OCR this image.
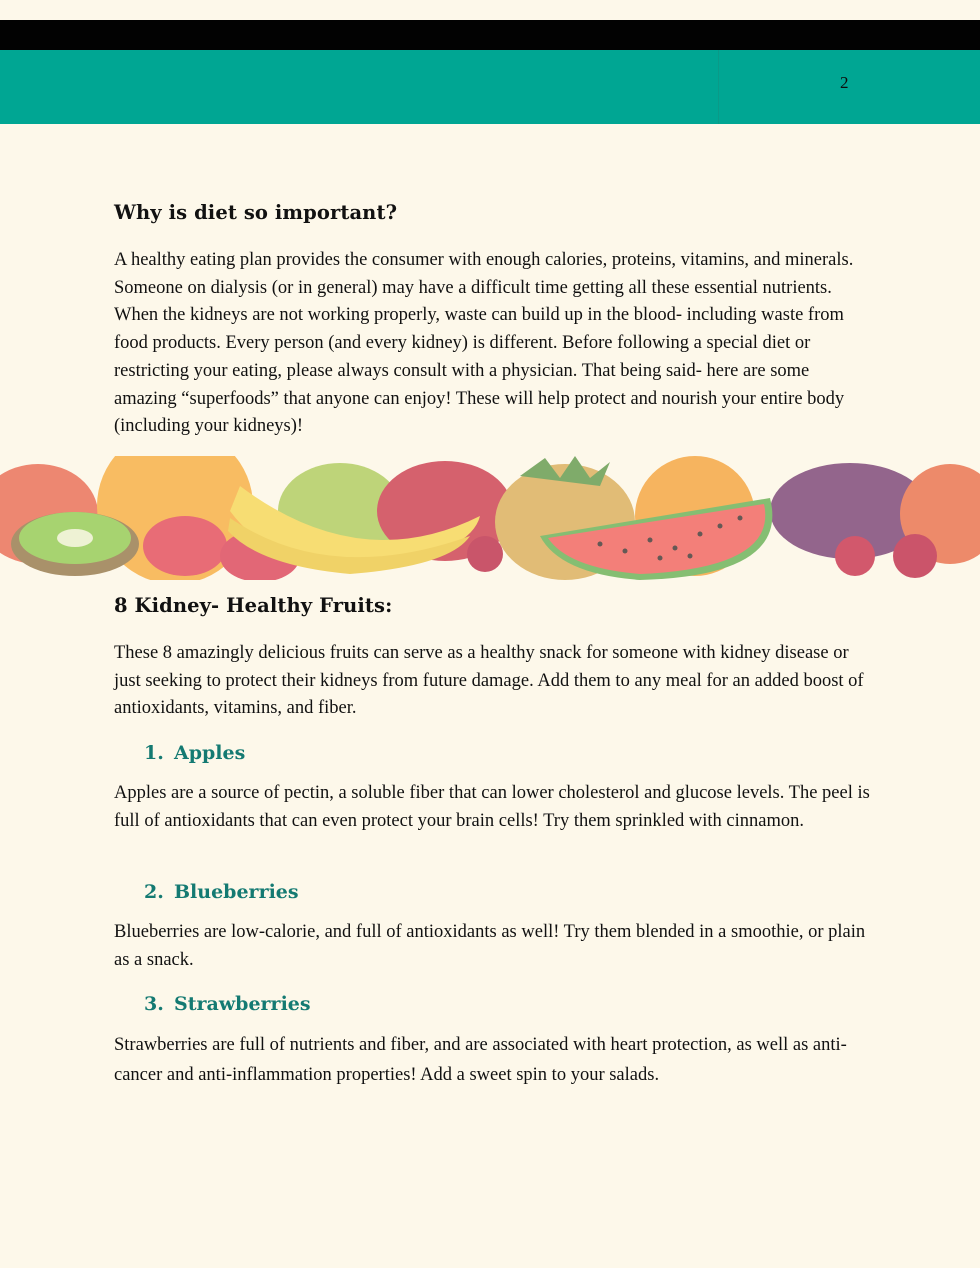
2
Why is diet so important?

A healthy eating plan provides the consumer with enough calories, proteins, vitamins, and minerals. Someone on dialysis (or in general) may have a difficult time getting all these essential nutrients. When the kidneys are not working properly, waste can build up in the blood- including waste from food products. Every person (and every kidney) is different. Before following a special diet or restricting your eating, please always consult with a physician. That being said- here are some amazing “superfoods” that anyone can enjoy! These will help protect and nourish your entire body (including your kidneys)!

8 Kidney- Healthy Fruits:

These 8 amazingly delicious fruits can serve as a healthy snack for someone with kidney disease or just seeking to protect their kidneys from future damage. Add them to any meal for an added boost of antioxidants, vitamins, and fiber.

1. Apples

Apples are a source of pectin, a soluble fiber that can lower cholesterol and glucose levels. The peel is full of antioxidants that can even protect your brain cells! Try them sprinkled with cinnamon.

2. Blueberries

Blueberries are low-calorie, and full of antioxidants as well! Try them blended in a smoothie, or plain as a snack.

3. Strawberries

Strawberries are full of nutrients and fiber, and are associated with heart protection, as well as anti-cancer and anti-inflammation properties! Add a sweet spin to your salads.
